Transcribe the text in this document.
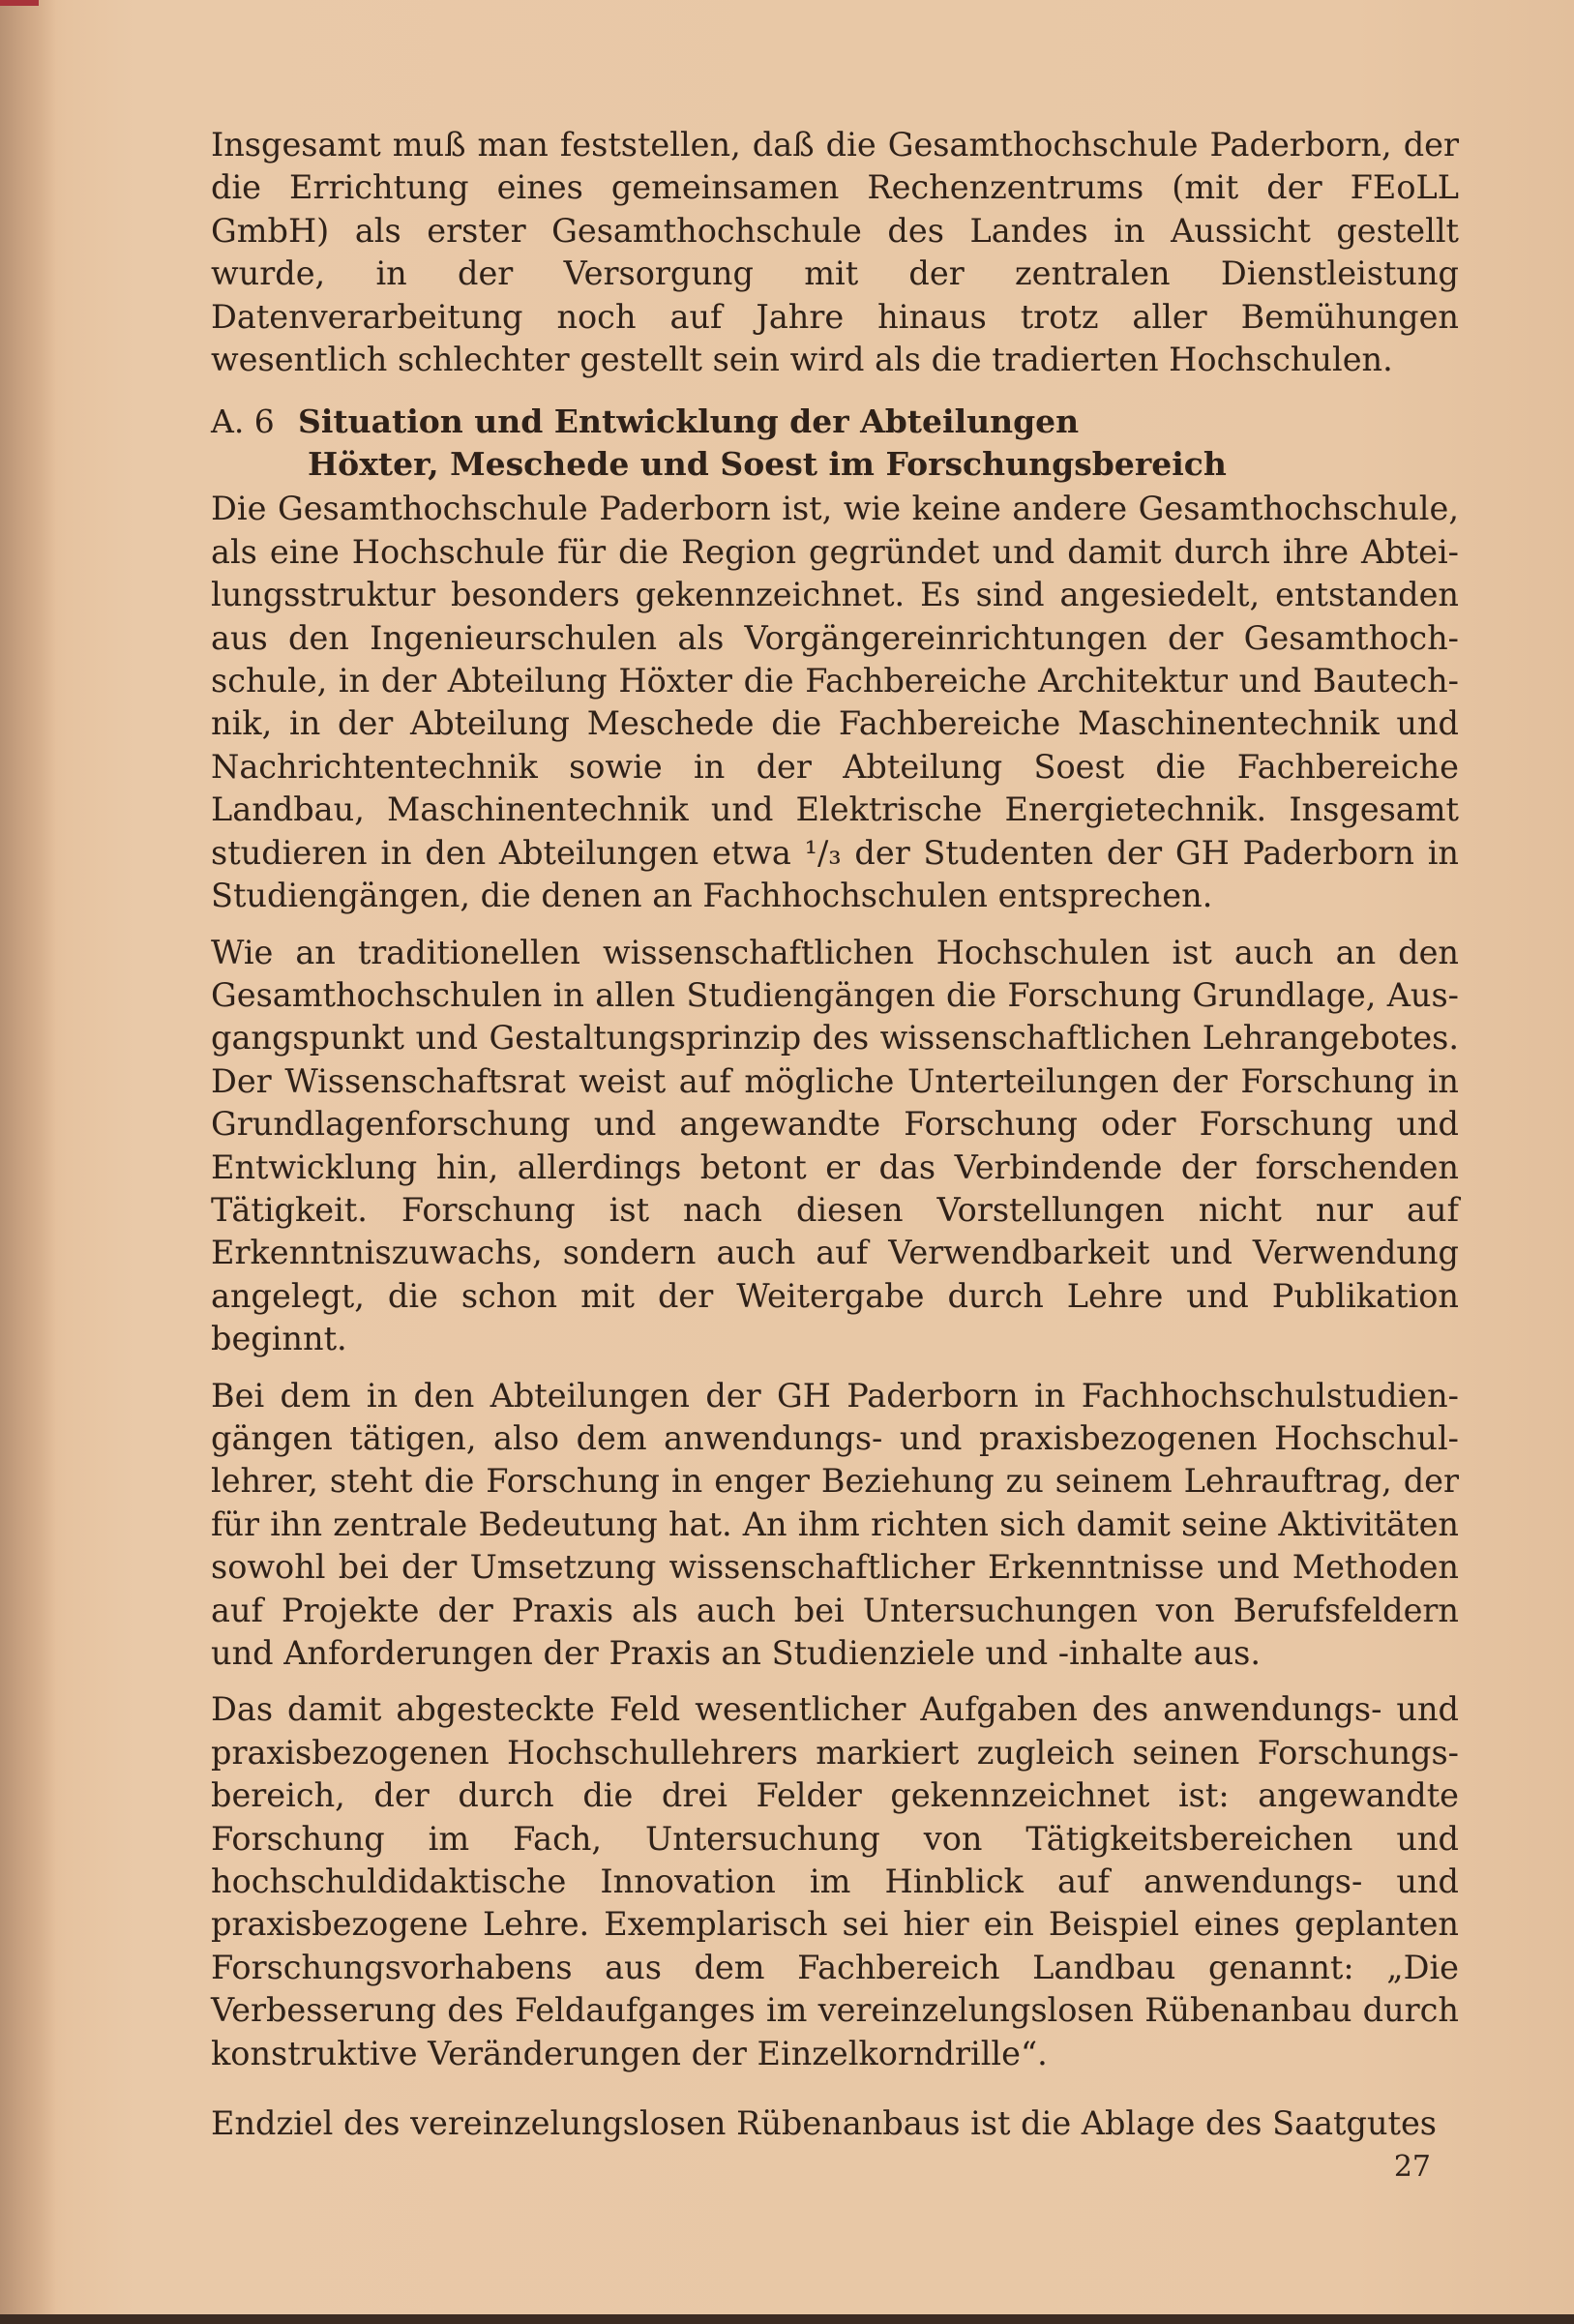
Insgesamt muß man feststellen, daß die Gesamthochschule Paderborn, der die Errichtung eines gemeinsamen Rechenzentrums (mit der FEoLL GmbH) als erster Gesamthochschule des Landes in Aussicht gestellt wurde, in der Versorgung mit der zentralen Dienstleistung Datenverarbeitung noch auf Jahre hinaus trotz aller Bemühungen wesentlich schlechter gestellt sein wird als die tradierten Hochschulen.

A. 6 Situation und Entwicklung der Abteilungen
Höxter, Meschede und Soest im Forschungsbereich

Die Gesamthochschule Paderborn ist, wie keine andere Gesamthochschule, als eine Hochschule für die Region gegründet und damit durch ihre Abteilungsstruktur besonders gekennzeichnet. Es sind angesiedelt, entstanden aus den Ingenieurschulen als Vorgängereinrichtungen der Gesamthochschule, in der Abteilung Höxter die Fachbereiche Architektur und Bautechnik, in der Abteilung Meschede die Fachbereiche Maschinentechnik und Nachrichtentechnik sowie in der Abteilung Soest die Fachbereiche Landbau, Maschinentechnik und Elektrische Energietechnik. Insgesamt studieren in den Abteilungen etwa ¹/₃ der Studenten der GH Paderborn in Studiengängen, die denen an Fachhochschulen entsprechen.

Wie an traditionellen wissenschaftlichen Hochschulen ist auch an den Gesamthochschulen in allen Studiengängen die Forschung Grundlage, Ausgangspunkt und Gestaltungsprinzip des wissenschaftlichen Lehrangebotes. Der Wissenschaftsrat weist auf mögliche Unterteilungen der Forschung in Grundlagenforschung und angewandte Forschung oder Forschung und Entwicklung hin, allerdings betont er das Verbindende der forschenden Tätigkeit. Forschung ist nach diesen Vorstellungen nicht nur auf Erkenntniszuwachs, sondern auch auf Verwendbarkeit und Verwendung angelegt, die schon mit der Weitergabe durch Lehre und Publikation beginnt.

Bei dem in den Abteilungen der GH Paderborn in Fachhochschulstudiengängen tätigen, also dem anwendungs- und praxisbezogenen Hochschullehrer, steht die Forschung in enger Beziehung zu seinem Lehrauftrag, der für ihn zentrale Bedeutung hat. An ihm richten sich damit seine Aktivitäten sowohl bei der Umsetzung wissenschaftlicher Erkenntnisse und Methoden auf Projekte der Praxis als auch bei Untersuchungen von Berufsfeldern und Anforderungen der Praxis an Studienziele und -inhalte aus.

Das damit abgesteckte Feld wesentlicher Aufgaben des anwendungs- und praxisbezogenen Hochschullehrers markiert zugleich seinen Forschungsbereich, der durch die drei Felder gekennzeichnet ist: angewandte Forschung im Fach, Untersuchung von Tätigkeitsbereichen und hochschuldidaktische Innovation im Hinblick auf anwendungs- und praxisbezogene Lehre. Exemplarisch sei hier ein Beispiel eines geplanten Forschungsvorhabens aus dem Fachbereich Landbau genannt: „Die Verbesserung des Feldaufganges im vereinzelungslosen Rübenanbau durch konstruktive Veränderungen der Einzelkorndrille“.

Endziel des vereinzelungslosen Rübenanbaus ist die Ablage des Saatgutes

27
